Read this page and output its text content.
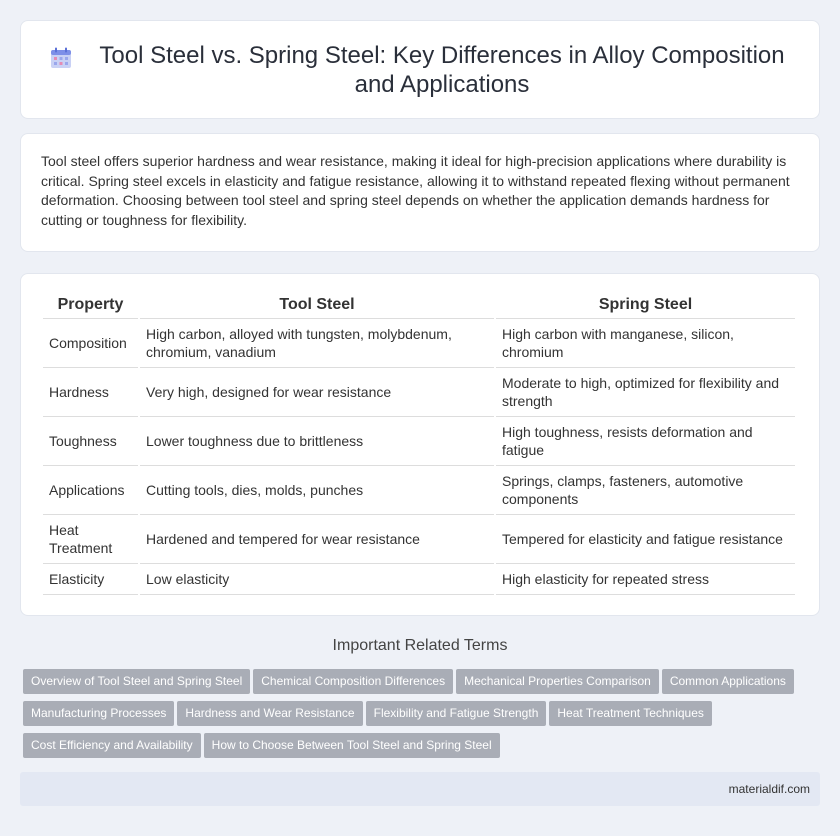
Tool Steel vs. Spring Steel: Key Differences in Alloy Composition and Applications

Tool steel offers superior hardness and wear resistance, making it ideal for high-precision applications where durability is critical. Spring steel excels in elasticity and fatigue resistance, allowing it to withstand repeated flexing without permanent deformation. Choosing between tool steel and spring steel depends on whether the application demands hardness for cutting or toughness for flexibility.

Property	Tool Steel	Spring Steel
Composition	High carbon, alloyed with tungsten, molybdenum, chromium, vanadium	High carbon with manganese, silicon, chromium
Hardness	Very high, designed for wear resistance	Moderate to high, optimized for flexibility and strength
Toughness	Lower toughness due to brittleness	High toughness, resists deformation and fatigue
Applications	Cutting tools, dies, molds, punches	Springs, clamps, fasteners, automotive components
Heat Treatment	Hardened and tempered for wear resistance	Tempered for elasticity and fatigue resistance
Elasticity	Low elasticity	High elasticity for repeated stress
Important Related Terms
Overview of Tool Steel and Spring Steel Chemical Composition Differences Mechanical Properties Comparison Common Applications
Manufacturing Processes Hardness and Wear Resistance Flexibility and Fatigue Strength Heat Treatment Techniques
Cost Efficiency and Availability How to Choose Between Tool Steel and Spring Steel
materialdif.com
